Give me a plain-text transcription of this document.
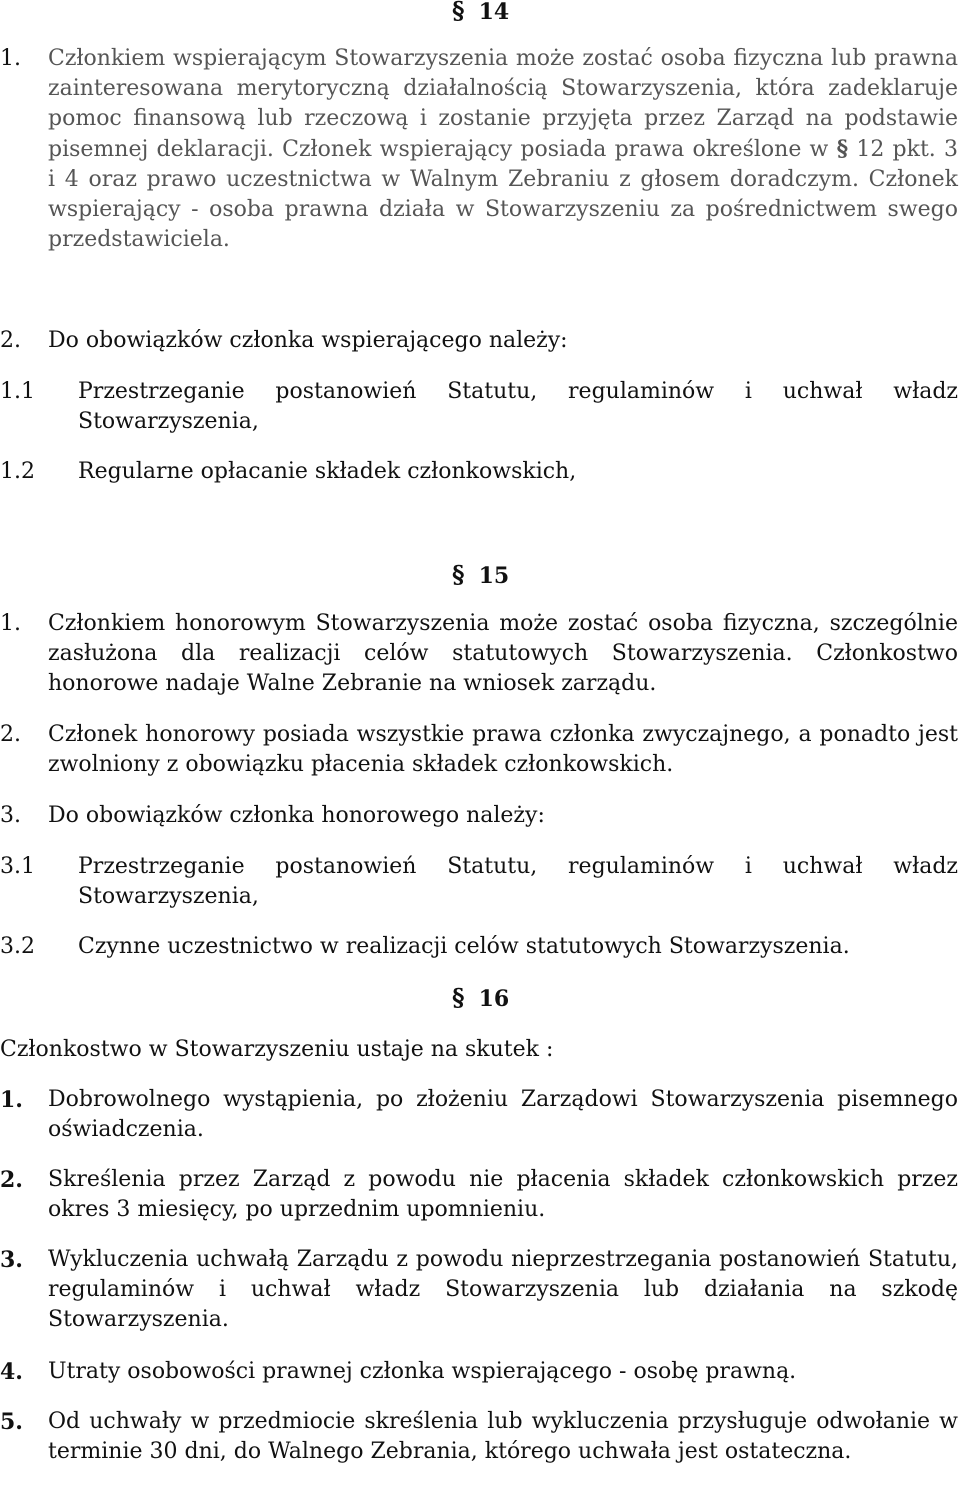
§ 14
1.	Członkiem wspierającym Stowarzyszenia może zostać osoba fizyczna lub prawna zainteresowana merytoryczną działalnością Stowarzyszenia, która zadeklaruje pomoc finansową lub rzeczową i zostanie przyjęta przez Zarząd na podstawie pisemnej deklaracji. Członek wspierający posiada prawa określone w § 12 pkt. 3 i 4 oraz prawo uczestnictwa w Walnym Zebraniu z głosem doradczym. Członek wspierający - osoba prawna działa w Stowarzyszeniu za pośrednictwem swego przedstawiciela.
2.	Do obowiązków członka wspierającego należy:
1.1	Przestrzeganie postanowień Statutu, regulaminów i uchwał władz Stowarzyszenia,
1.2	Regularne opłacanie składek członkowskich,
§ 15
1.	Członkiem honorowym Stowarzyszenia może zostać osoba fizyczna, szczególnie zasłużona dla realizacji celów statutowych Stowarzyszenia. Członkostwo honorowe nadaje Walne Zebranie na wniosek zarządu.
2.	Członek honorowy posiada wszystkie prawa członka zwyczajnego, a ponadto jest zwolniony z obowiązku płacenia składek członkowskich.
3.	Do obowiązków członka honorowego należy:
3.1	Przestrzeganie postanowień Statutu, regulaminów i uchwał władz Stowarzyszenia,
3.2	Czynne uczestnictwo w realizacji celów statutowych Stowarzyszenia.
§ 16
Członkostwo w Stowarzyszeniu ustaje na skutek :
1.	Dobrowolnego wystąpienia, po złożeniu Zarządowi Stowarzyszenia pisemnego oświadczenia.
2.	Skreślenia przez Zarząd z powodu nie płacenia składek członkowskich przez okres 3 miesięcy, po uprzednim upomnieniu.
3.	Wykluczenia uchwałą Zarządu z powodu nieprzestrzegania postanowień Statutu, regulaminów i uchwał władz Stowarzyszenia lub działania na szkodę Stowarzyszenia.
4.	Utraty osobowości prawnej członka wspierającego - osobę prawną.
5.	Od uchwały w przedmiocie skreślenia lub wykluczenia przysługuje odwołanie w terminie 30 dni, do Walnego Zebrania, którego uchwała jest ostateczna.
